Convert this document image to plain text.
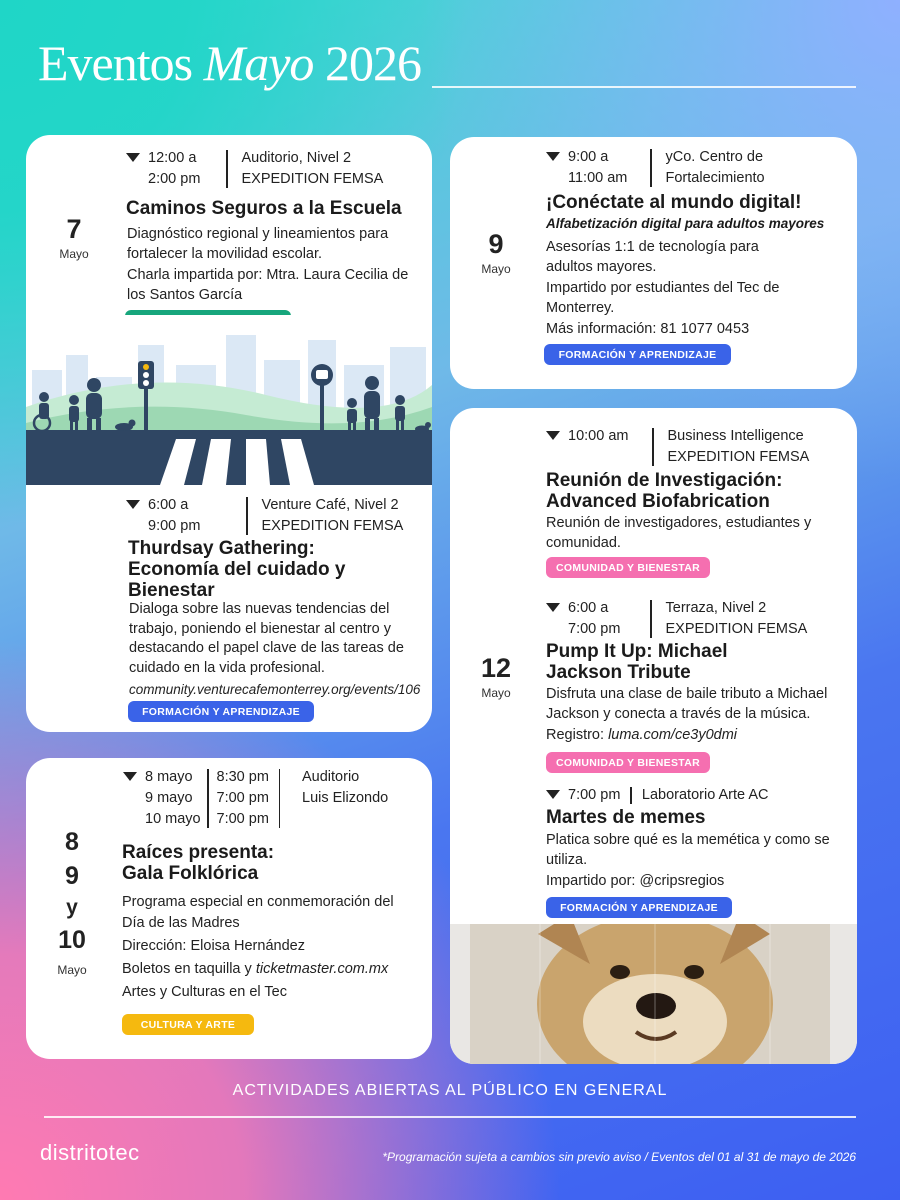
Eventos Mayo 2026
7
Mayo
12:00 a
2:00 pm
Auditorio, Nivel 2
EXPEDITION FEMSA
Caminos Seguros a la Escuela

Diagnóstico regional y lineamientos para fortalecer la movilidad escolar.

Charla impartida por: Mtra. Laura Cecilia de los Santos García

6:00 a
9:00 pm
Venture Café, Nivel 2
EXPEDITION FEMSA
Thurdsay Gathering: Economía del cuidado y Bienestar

Dialoga sobre las nuevas tendencias del trabajo, poniendo el bienestar al centro y destacando el papel clave de las tareas de cuidado en la vida profesional.

community.venturecafemonterrey.org/events/106

FORMACIÓN Y APRENDIZAJE
9
Mayo
9:00 a
11:00 am
yCo. Centro de
Fortalecimiento
¡Conéctate al mundo digital!
Alfabetización digital para adultos mayores

Asesorías 1:1 de tecnología para adultos mayores.

Impartido por estudiantes del Tec de Monterrey.

Más información: 81 1077 0453

FORMACIÓN Y APRENDIZAJE
8
9
y
10
Mayo
8 mayo
9 mayo
10 mayo
8:30 pm
7:00 pm
7:00 pm
Auditorio
Luis Elizondo
Raíces presenta: Gala Folklórica

Programa especial en conmemoración del Día de las Madres

Dirección: Eloisa Hernández

Boletos en taquilla y ticketmaster.com.mx

Artes y Culturas en el Tec

CULTURA Y ARTE
12
Mayo
10:00 am	Business Intelligence
EXPEDITION FEMSA
Reunión de Investigación: Advanced Biofabrication

Reunión de investigadores, estudiantes y comunidad.

COMUNIDAD Y BIENESTAR
6:00 a
7:00 pm
Terraza, Nivel 2
EXPEDITION FEMSA
Pump It Up: Michael Jackson Tribute

Disfruta una clase de baile tributo a Michael Jackson y conecta a través de la música.

Registro: luma.com/ce3y0dmi

COMUNIDAD Y BIENESTAR
7:00 pm Laboratorio Arte AC
Martes de memes

Platica sobre qué es la memética y como se utiliza.

Impartido por: @cripsregios

FORMACIÓN Y APRENDIZAJE
ACTIVIDADES ABIERTAS AL PÚBLICO EN GENERAL
distritotec	*Programación sujeta a cambios sin previo aviso / Eventos del 01 al 31 de mayo de 2026
